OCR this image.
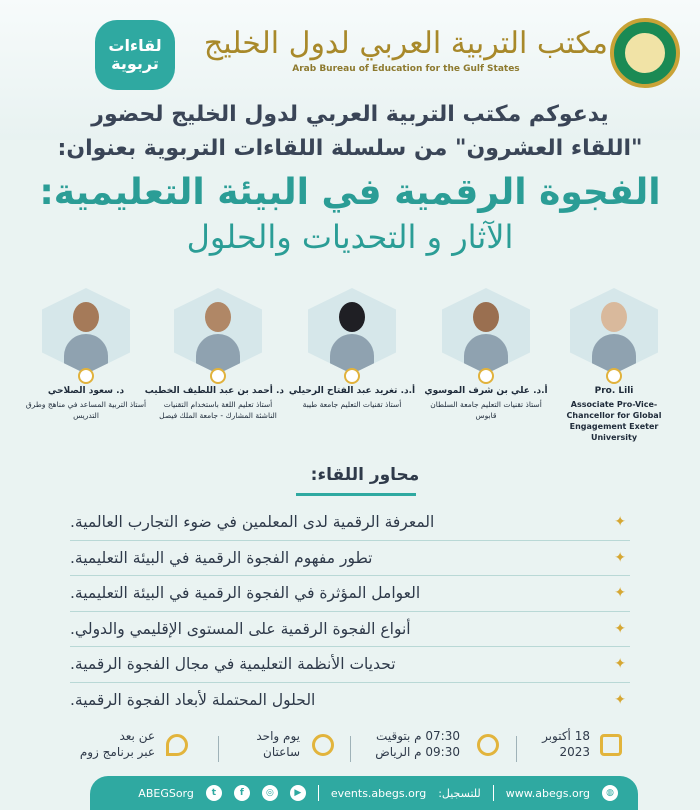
لقاءات
تربوية
مكتب التربية العربي لدول الخليج
Arab Bureau of Education for the Gulf States
يدعوكم مكتب التربية العربي لدول الخليج لحضور
"اللقاء العشرون" من سلسلة اللقاءات التربوية بعنوان:
الفجوة الرقمية في البيئة التعليمية:
الآثار و التحديات والحلول
Pro. Lili
Associate Pro-Vice-Chancellor for Global Engagement Exeter University
أ.د. علي بن شرف الموسوي
أستاذ تقنيات التعليم جامعة السلطان قابوس
أ.د. تغريد عبد الفتاح الرحيلي
أستاذ تقنيات التعليم جامعة طيبة
د. أحمد بن عبد اللطيف الخطيب
أستاذ تعليم اللغة باستخدام التقنيات الناشئة المشارك - جامعة الملك فيصل
د. سعود الصلاحي
أستاذ التربية المساعد في مناهج وطرق التدريس
محاور اللقاء:
✦
المعرفة الرقمية لدى المعلمين في ضوء التجارب العالمية.
✦
تطور مفهوم الفجوة الرقمية في البيئة التعليمية.
✦
العوامل المؤثرة في الفجوة الرقمية في البيئة التعليمية.
✦
أنواع الفجوة الرقمية على المستوى الإقليمي والدولي.
✦
تحديات الأنظمة التعليمية في مجال الفجوة الرقمية.
✦
الحلول المحتملة لأبعاد الفجوة الرقمية.
18 أكتوبر
2023
07:30 م بتوقيت
09:30 م الرياض
يوم واحد
ساعتان
عن بعد
عبر برنامج زوم
ABEGSorg	t	f	◎	▶	events.abegs.org للتسجيل: www.abegs.org	◍
